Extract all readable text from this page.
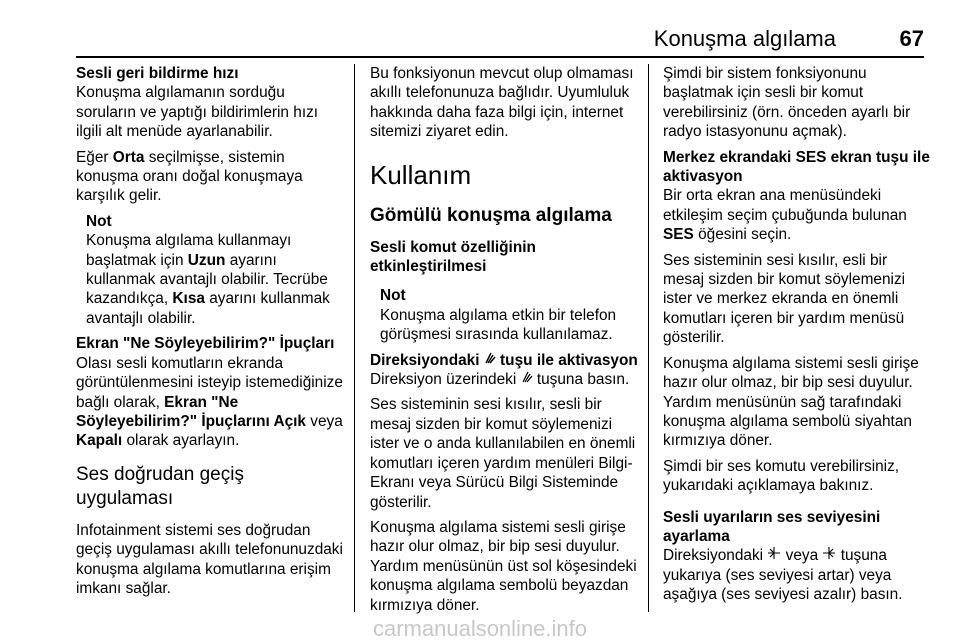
Konuşma algılama	67

Sesli geri bildirme hızı

Konuşma algılamanın sorduğu soruların ve yaptığı bildirimlerin hızı ilgili alt menüde ayarlanabilir.

Eğer Orta seçilmişse, sistemin konuşma oranı doğal konuşmaya karşılık gelir.

Not
Konuşma algılama kullanmayı başlatmak için Uzun ayarını kullanmak avantajlı olabilir. Tecrübe kazandıkça, Kısa ayarını kullanmak avantajlı olabilir.

Ekran "Ne Söyleyebilirim?" İpuçları

Olası sesli komutların ekranda görüntülenmesini isteyip istemediğinize bağlı olarak, Ekran "Ne Söyleyebilirim?" İpuçlarını Açık veya Kapalı olarak ayarlayın.

Ses doğrudan geçiş uygulaması

Infotainment sistemi ses doğrudan geçiş uygulaması akıllı telefonunuzdaki konuşma algılama komutlarına erişim imkanı sağlar.

Bu fonksiyonun mevcut olup olmaması akıllı telefonunuza bağlıdır. Uyumluluk hakkında daha faza bilgi için, internet sitemizi ziyaret edin.

Kullanım
Gömülü konuşma algılama

Sesli komut özelliğinin etkinleştirilmesi

Not
Konuşma algılama etkin bir telefon görüşmesi sırasında kullanılamaz.

Direksiyondaki  tuşu ile aktivasyon

Direksiyon üzerindeki  tuşuna basın.

Ses sisteminin sesi kısılır, sesli bir mesaj sizden bir komut söylemenizi ister ve o anda kullanılabilen en önemli komutları içeren yardım menüleri Bilgi-Ekranı veya Sürücü Bilgi Sisteminde gösterilir.

Konuşma algılama sistemi sesli girişe hazır olur olmaz, bir bip sesi duyulur. Yardım menüsünün üst sol köşesindeki konuşma algılama sembolü beyazdan kırmızıya döner.

Şimdi bir sistem fonksiyonunu başlatmak için sesli bir komut verebilirsiniz (örn. önceden ayarlı bir radyo istasyonunu açmak).

Merkez ekrandaki SES ekran tuşu ile aktivasyon

Bir orta ekran ana menüsündeki etkileşim seçim çubuğunda bulunan SES öğesini seçin.

Ses sisteminin sesi kısılır, esli bir mesaj sizden bir komut söylemenizi ister ve merkez ekranda en önemli komutları içeren bir yardım menüsü gösterilir.

Konuşma algılama sistemi sesli girişe hazır olur olmaz, bir bip sesi duyulur. Yardım menüsünün sağ tarafındaki konuşma algılama sembolü siyahtan kırmızıya döner.

Şimdi bir ses komutu verebilirsiniz, yukarıdaki açıklamaya bakınız.

Sesli uyarıların ses seviyesini ayarlama

Direksiyondaki  veya  tuşuna yukarıya (ses seviyesi artar) veya aşağıya (ses seviyesi azalır) basın.

carmanualsonline.info
